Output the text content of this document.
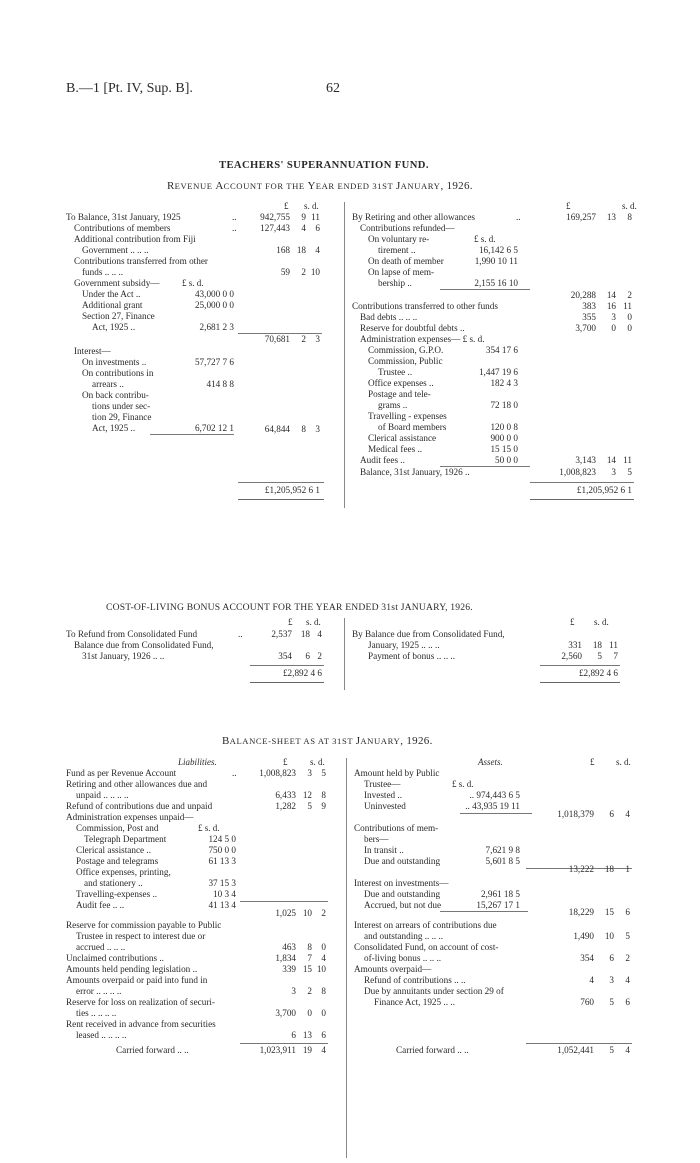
B.—1 [Pt. IV, Sup. B].	62
TEACHERS' SUPERANNUATION FUND.
REVENUE ACCOUNT FOR THE YEAR ENDED 31ST JANUARY, 1926.
£ s. d.	£	s. d.
To Balance, 31st January, 1925	..	942,755	9 11
Contributions of members	..	127,443	4	6
Additional contribution from Fiji
Government .. .. ..	168 18	4
Contributions transferred from other
funds .. .. ..	59	2 10
Government subsidy—	£ s. d.
Under the Act ..	43,000 0 0
Additional grant	25,000 0 0
Section 27, Finance
Act, 1925 ..	2,681 2 3
70,681	2	3
Interest—
On investments ..	57,727 7 6
On contributions in
arrears ..	414 8 8
On back contribu-
tions under sec-
tion 29, Finance
Act, 1925 ..	6,702 12 1	64,844	8	3
£1,205,952 6 1
By Retiring and other allowances	..	169,257	13	8
Contributions refunded—
On voluntary re-	£ s. d.
tirement ..	16,142 6 5
On death of member	1,990 10 11
On lapse of mem-
bership ..	2,155 16 10
20,288	14	2
Contributions transferred to other funds	383	16 11
Bad debts .. .. ..	355	3	0
Reserve for doubtful debts ..	3,700	0	0
Administration expenses— £ s. d.
Commission, G.P.O.	354 17 6
Commission, Public
Trustee ..	1,447 19 6
Office expenses ..	182 4 3
Postage and tele-
grams ..	72 18 0
Travelling - expenses
of Board members	120 0 8
Clerical assistance	900 0 0
Medical fees ..	15 15 0
Audit fees ..	50 0 0	3,143	14 11
Balance, 31st January, 1926 ..	1,008,823	3	5
£1,205,952 6 1
COST-OF-LIVING BONUS ACCOUNT FOR THE YEAR ENDED 31st JANUARY, 1926.
£ s. d.	£ s. d.
To Refund from Consolidated Fund	..	2,537 18 4
Balance due from Consolidated Fund,
31st January, 1926 .. ..	354	6 2
£2,892 4 6
By Balance due from Consolidated Fund,
January, 1925 .. .. ..	331	18 11
Payment of bonus .. .. ..	2,560	5	7
£2,892 4 6
BALANCE-SHEET AS AT 31ST JANUARY, 1926.
Liabilities.	£	s. d.	Assets.	£ s. d.
Fund as per Revenue Account	..	1,008,823	3	5
Retiring and other allowances due and
unpaid .. .. .. ..	6,433 12	8
Refund of contributions due and unpaid	1,282	5	9
Administration expenses unpaid—
Commission, Post and	£ s. d.
Telegraph Department	124 5 0
Clerical assistance ..	750 0 0
Postage and telegrams	61 13 3
Office expenses, printing,
and stationery ..	37 15 3
Travelling-expenses ..	10 3 4
Audit fee .. ..	41 13 4
1,025 10	2
Reserve for commission payable to Public
Trustee in respect to interest due or
accrued .. .. ..	463	8	0
Unclaimed contributions ..	1,834	7	4
Amounts held pending legislation ..	339 15 10
Amounts overpaid or paid into fund in
error .. .. .. ..	3	2	8
Reserve for loss on realization of securi-
ties .. .. .. ..	3,700	0	0
Rent received in advance from securities
leased .. .. .. ..	6 13	6
Carried forward .. ..	1,023,911 19	4
Amount held by Public
Trustee—	£ s. d.
Invested ..	.. 974,443 6 5
Uninvested	.. 43,935 19 11
1,018,379	6	4
Contributions of mem-
bers—
In transit ..	7,621 9 8
Due and outstanding	5,601 8 5
13,222	18	1
Interest on investments—
Due and outstanding	2,961 18 5
Accrued, but not due	15,267 17 1
18,229	15	6
Interest on arrears of contributions due
and outstanding .. .. ..	1,490	10	5
Consolidated Fund, on account of cost-
of-living bonus .. .. ..	354	6	2
Amounts overpaid—
Refund of contributions .. ..	4	3	4
Due by annuitants under section 29 of
Finance Act, 1925 .. ..	760	5	6
Carried forward .. ..	1,052,441	5	4
